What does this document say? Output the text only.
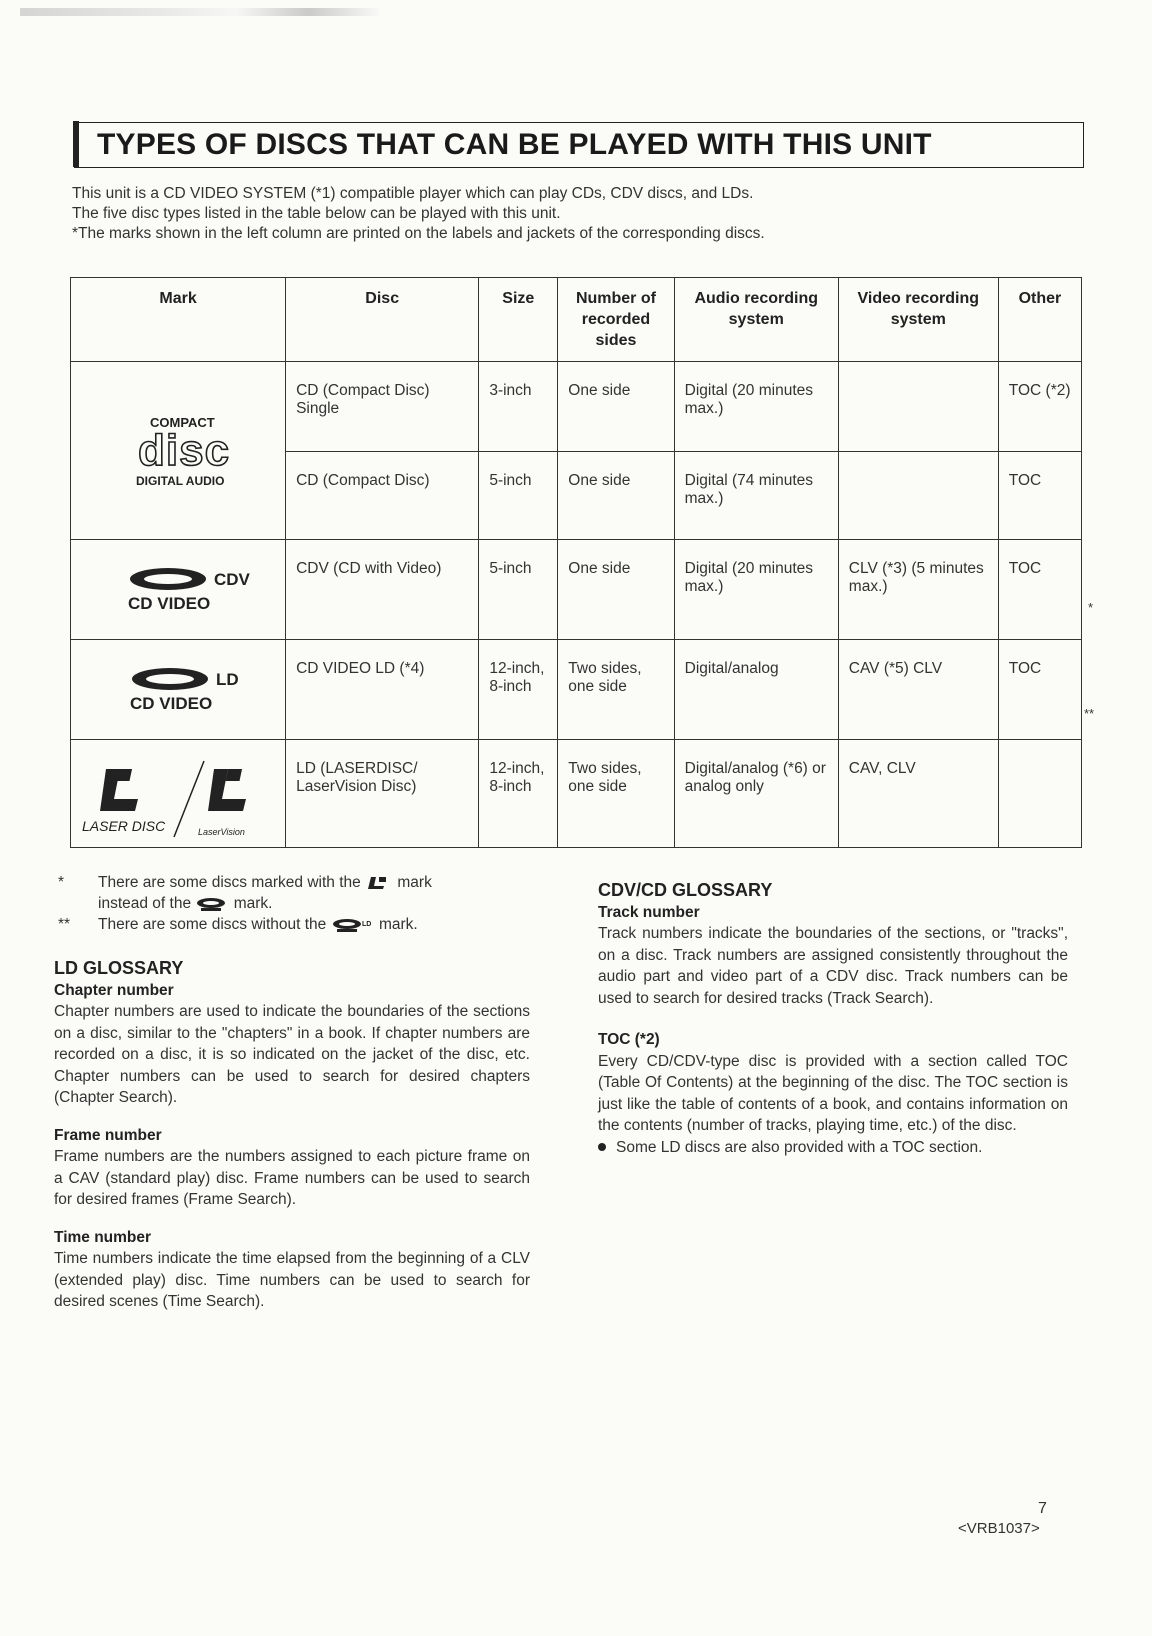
TYPES OF DISCS THAT CAN BE PLAYED WITH THIS UNIT
This unit is a CD VIDEO SYSTEM (*1) compatible player which can play CDs, CDV discs, and LDs.
The five disc types listed in the table below can be played with this unit.
*The marks shown in the left column are printed on the labels and jackets of the corresponding discs.
Mark	Disc	Size	Number of recorded sides	Audio recording system	Video recording system	Other

COMPACT
disc
DIGITAL AUDIO	CD (Compact Disc) Single	3-inch	One side	Digital (20 minutes max.)		TOC (*2)
	CD (Compact Disc)	5-inch	One side	Digital (74 minutes max.)		TOC

CDV
CD VIDEO	CDV (CD with Video)	5-inch	One side	Digital (20 minutes max.)	CLV (*3) (5 minutes max.)	TOC

LD
CD VIDEO	CD VIDEO LD (*4)	12-inch, 8-inch	Two sides, one side	Digital/analog	CAV (*5) CLV	TOC

LASER DISC LaserVision	LD (LASERDISC/ LaserVision Disc)	12-inch, 8-inch	Two sides, one side	Digital/analog (*6) or analog only	CAV, CLV	
*
**
*	There are some discs marked with the mark
instead of the	mark.
**	There are some discs without the	LD mark.
LD GLOSSARY
Chapter number

Chapter numbers are used to indicate the boundaries of the sections on a disc, similar to the "chapters" in a book. If chapter numbers are recorded on a disc, it is so indicated on the jacket of the disc, etc. Chapter numbers can be used to search for desired chapters (Chapter Search).

Frame number

Frame numbers are the numbers assigned to each picture frame on a CAV (standard play) disc. Frame numbers can be used to search for desired frames (Frame Search).

Time number

Time numbers indicate the time elapsed from the beginning of a CLV (extended play) disc. Time numbers can be used to search for desired scenes (Time Search).

CDV/CD GLOSSARY
Track number

Track numbers indicate the boundaries of the sections, or "tracks", on a disc. Track numbers are assigned consistently throughout the audio part and video part of a CDV disc. Track numbers can be used to search for desired tracks (Track Search).

TOC (*2)

Every CD/CDV-type disc is provided with a section called TOC (Table Of Contents) at the beginning of the disc. The TOC section is just like the table of contents of a book, and contains information on the contents (number of tracks, playing time, etc.) of the disc.

Some LD discs are also provided with a TOC section.
7
<VRB1037>
